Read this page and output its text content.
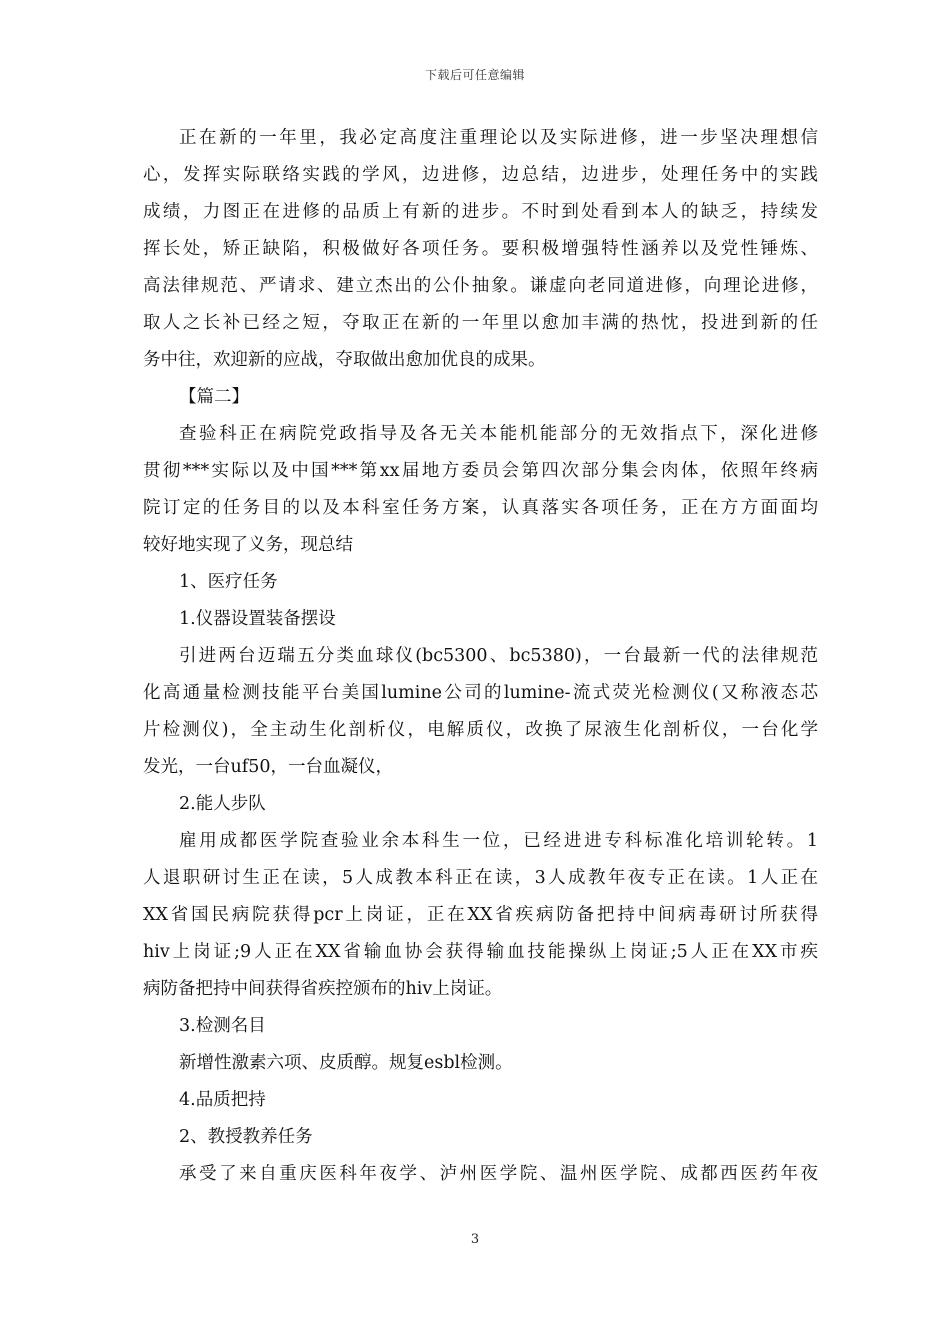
下载后可任意编辑
正在新的一年里，我必定高度注重理论以及实际进修，进一步坚决理想信
心，发挥实际联络实践的学风，边进修，边总结，边进步，处理任务中的实践
成绩，力图正在进修的品质上有新的进步。不时到处看到本人的缺乏，持续发
挥长处，矫正缺陷，积极做好各项任务。要积极增强特性涵养以及党性锤炼、
高法律规范、严请求、建立杰出的公仆抽象。谦虚向老同道进修，向理论进修，
取人之长补已经之短，夺取正在新的一年里以愈加丰满的热忱，投进到新的任
务中往，欢迎新的应战，夺取做出愈加优良的成果。
【篇二】
查验科正在病院党政指导及各无关本能机能部分的无效指点下，深化进修
贯彻***实际以及中国***第xx届地方委员会第四次部分集会肉体，依照年终病
院订定的任务目的以及本科室任务方案，认真落实各项任务，正在方方面面均
较好地实现了义务，现总结
1、医疗任务
1.仪器设置装备摆设
引进两台迈瑞五分类血球仪(bc5300、bc5380)，一台最新一代的法律规范
化高通量检测技能平台美国lumine公司的lumine-流式荧光检测仪(又称液态芯
片检测仪)，全主动生化剖析仪，电解质仪，改换了尿液生化剖析仪，一台化学
发光，一台uf50，一台血凝仪，
2.能人步队
雇用成都医学院查验业余本科生一位，已经进进专科标准化培训轮转。1
人退职研讨生正在读，5人成教本科正在读，3人成教年夜专正在读。1人正在
XX省国民病院获得pcr上岗证，正在XX省疾病防备把持中间病毒研讨所获得
hiv上岗证;9人正在XX省输血协会获得输血技能操纵上岗证;5人正在XX市疾
病防备把持中间获得省疾控颁布的hiv上岗证。
3.检测名目
新增性激素六项、皮质醇。规复esbl检测。
4.品质把持
2、教授教养任务
承受了来自重庆医科年夜学、泸州医学院、温州医学院、成都西医药年夜
3
